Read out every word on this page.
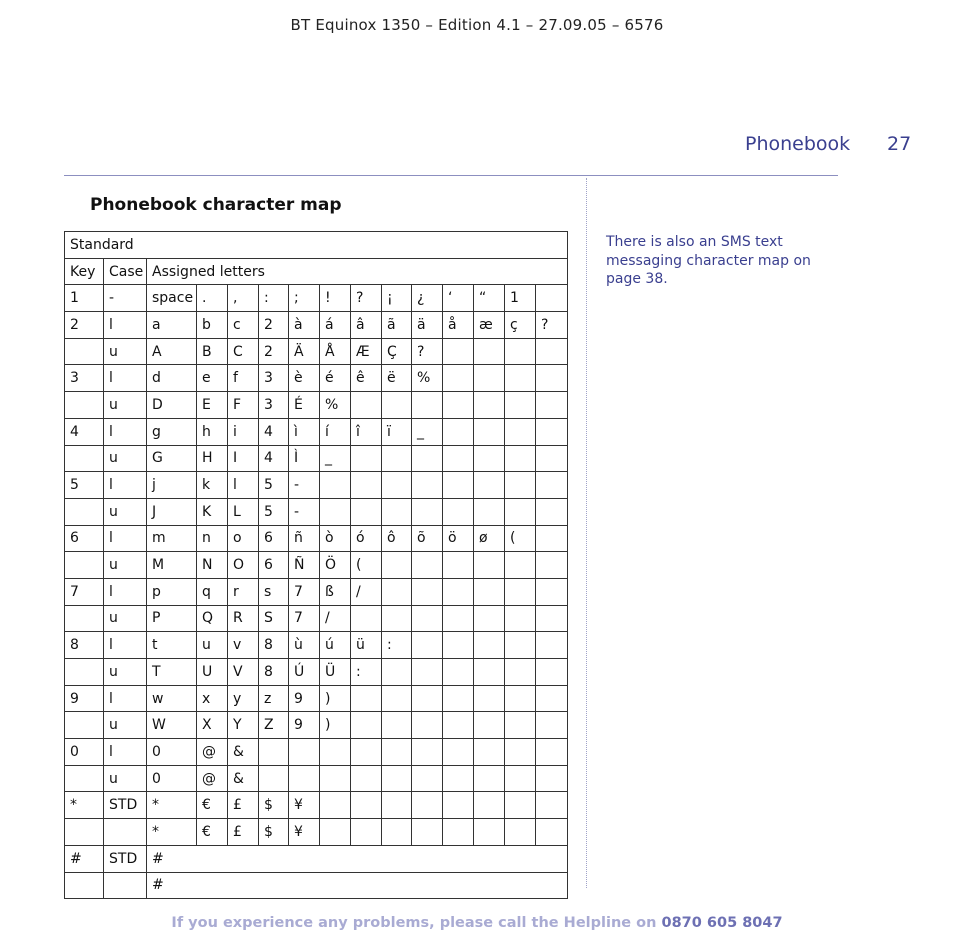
BT Equinox 1350 – Edition 4.1 – 27.09.05 – 6576
Phonebook 27
Phonebook character map
There is also an SMS text messaging character map on page 38.
Standard														
Key	Case	Assigned letters												
1	-	space	.	,	:	;	!	?	¡	¿	‘	“	1	
2	l	a	b	c	2	à	á	â	ã	ä	å	æ	ç	?
	u	A	B	C	2	Ä	Å	Æ	Ç	?				
3	l	d	e	f	3	è	é	ê	ë	%				
	u	D	E	F	3	É	%							
4	l	g	h	i	4	ì	í	î	ï	_				
	u	G	H	I	4	Ì	_							
5	l	j	k	l	5	-								
	u	J	K	L	5	-								
6	l	m	n	o	6	ñ	ò	ó	ô	õ	ö	ø	(	
	u	M	N	O	6	Ñ	Ö	(						
7	l	p	q	r	s	7	ß	/						
	u	P	Q	R	S	7	/							
8	l	t	u	v	8	ù	ú	ü	:					
	u	T	U	V	8	Ú	Ü	:						
9	l	w	x	y	z	9	)							
	u	W	X	Y	Z	9	)							
0	l	0	@	&										
	u	0	@	&										
*	STD	*	€	£	$	¥								
		*	€	£	$	¥								
#	STD	#												
		#												
If you experience any problems, please call the Helpline on 0870 605 8047
